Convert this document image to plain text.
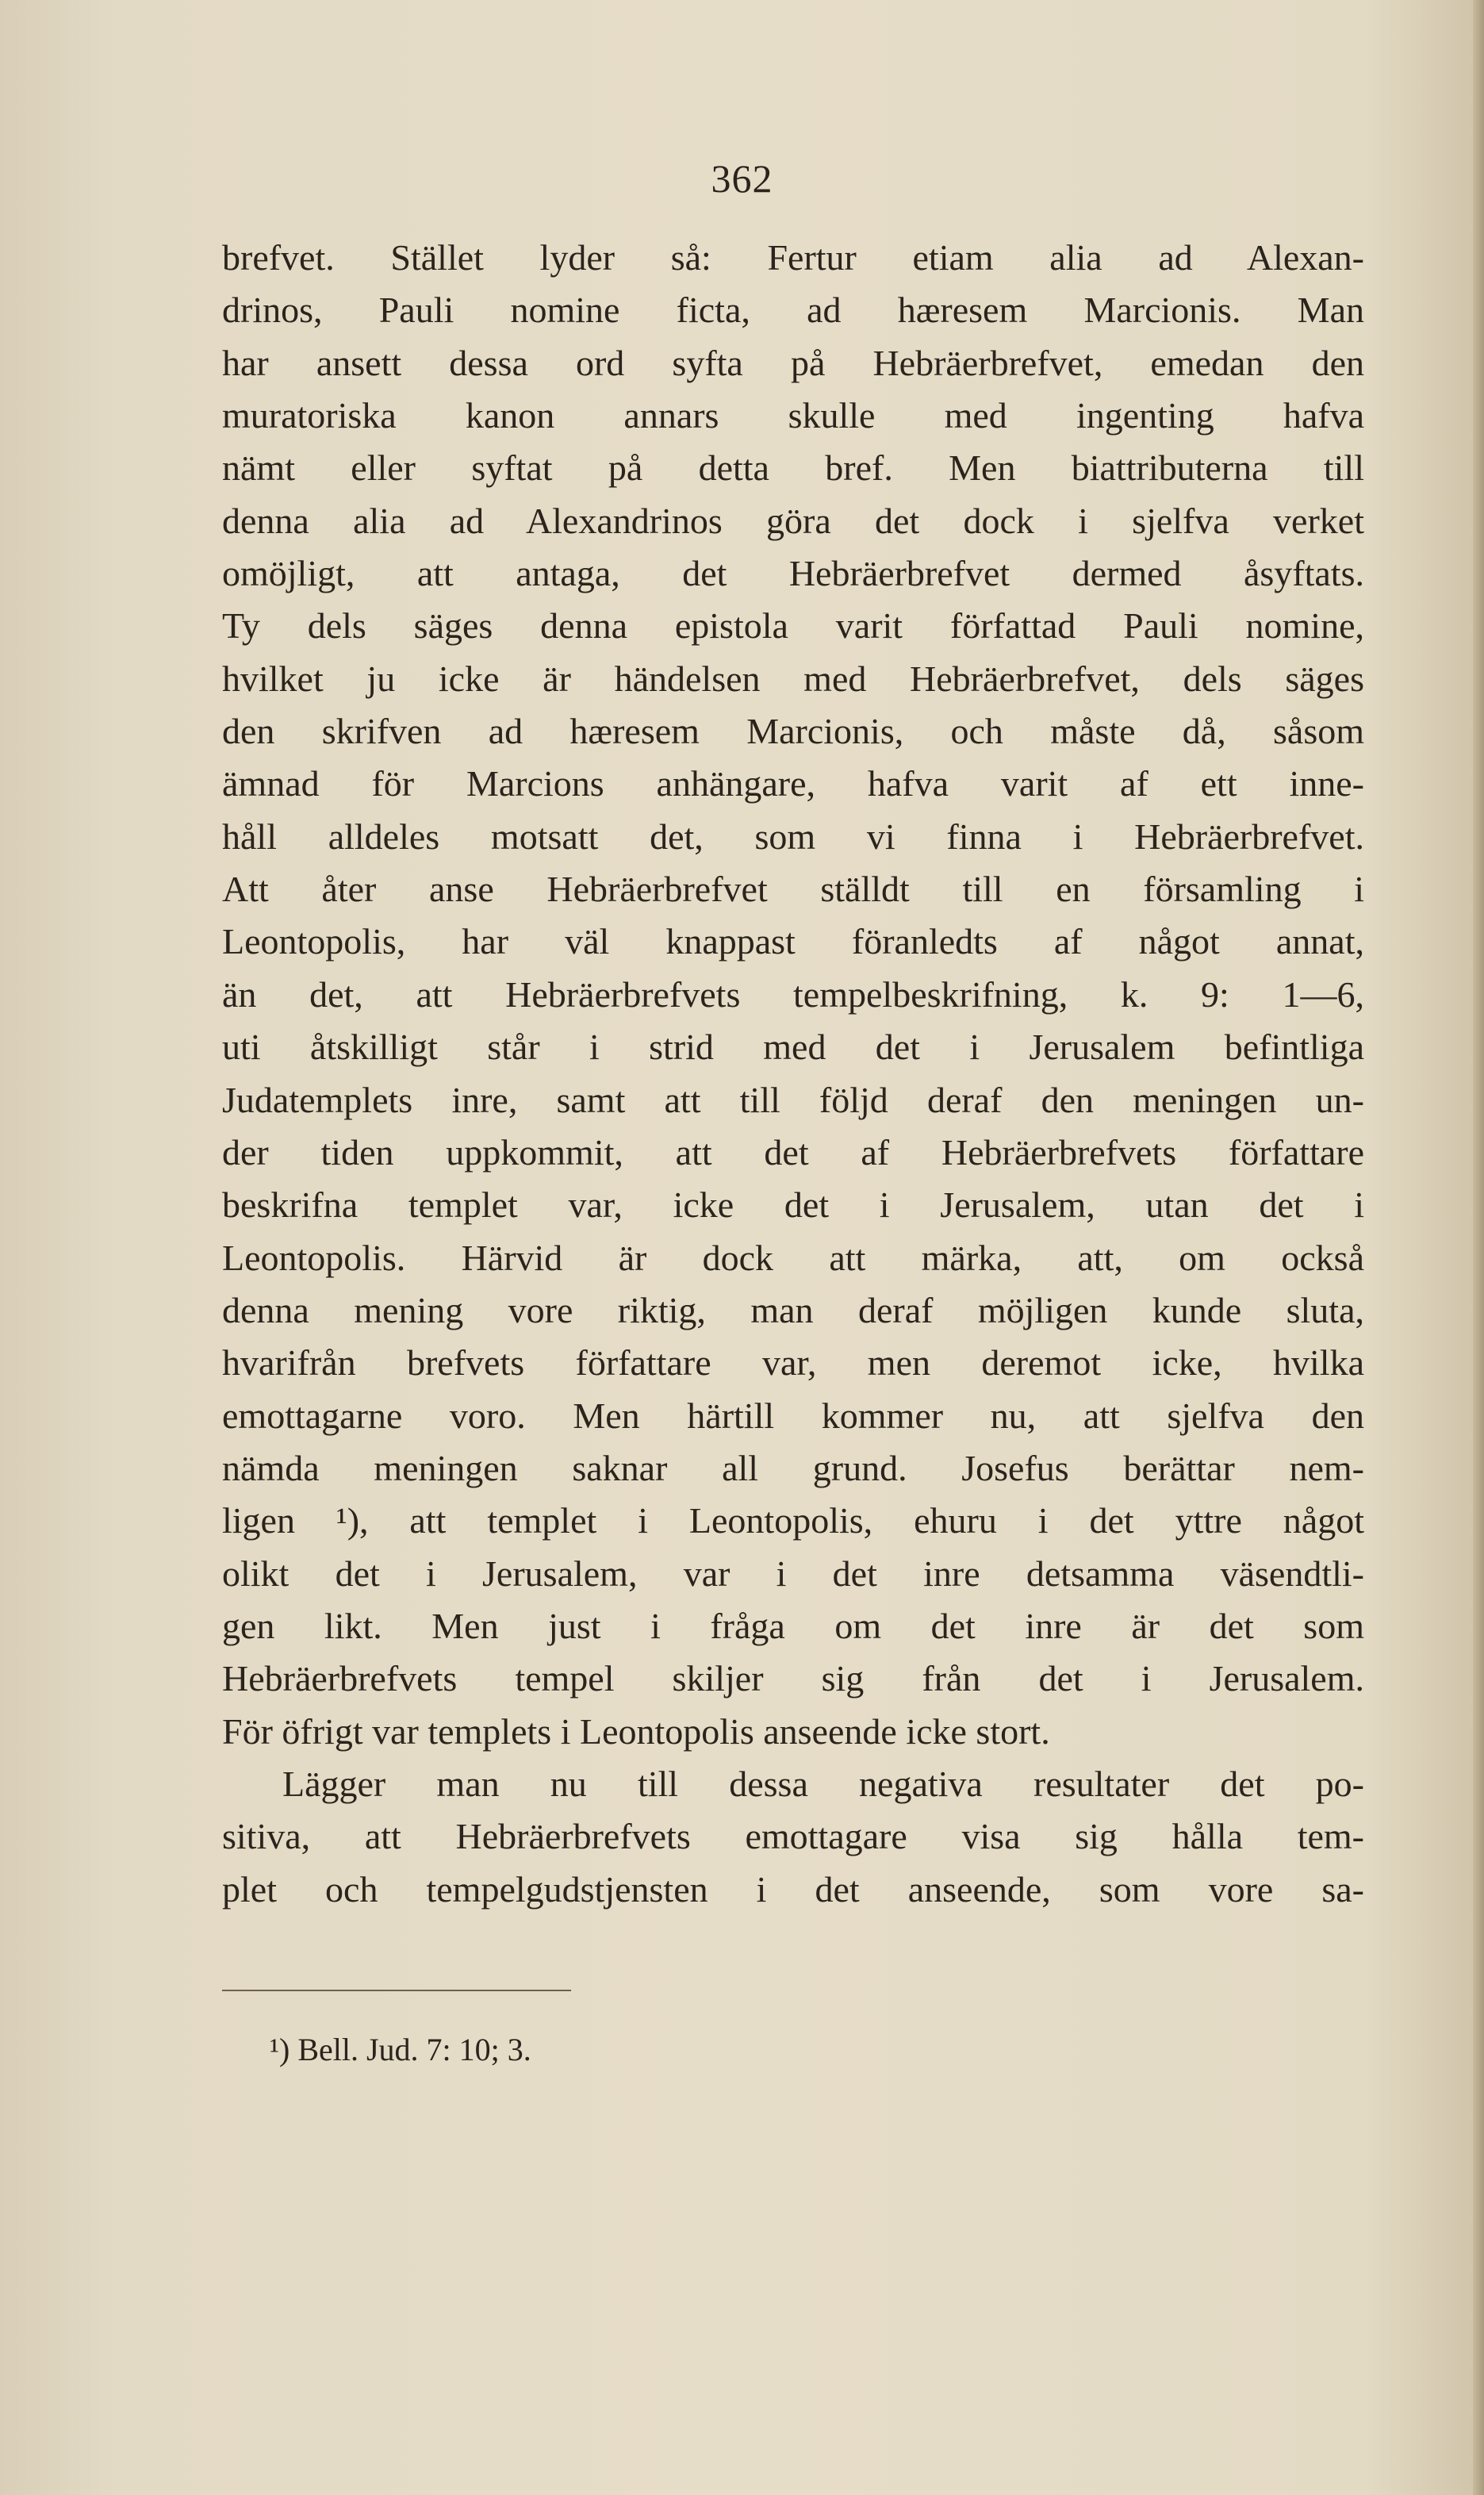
362
brefvet. Stället lyder så: Fertur etiam alia ad Alexan-
drinos, Pauli nomine ficta, ad hæresem Marcionis. Man
har ansett dessa ord syfta på Hebräerbrefvet, emedan den
muratoriska kanon annars skulle med ingenting hafva
nämt eller syftat på detta bref. Men biattributerna till
denna alia ad Alexandrinos göra det dock i sjelfva verket
omöjligt, att antaga, det Hebräerbrefvet dermed åsyftats.
Ty dels säges denna epistola varit författad Pauli nomine,
hvilket ju icke är händelsen med Hebräerbrefvet, dels säges
den skrifven ad hæresem Marcionis, och måste då, såsom
ämnad för Marcions anhängare, hafva varit af ett inne-
håll alldeles motsatt det, som vi finna i Hebräerbrefvet.
Att åter anse Hebräerbrefvet ställdt till en församling i
Leontopolis, har väl knappast föranledts af något annat,
än det, att Hebräerbrefvets tempelbeskrifning, k. 9: 1—6,
uti åtskilligt står i strid med det i Jerusalem befintliga
Judatemplets inre, samt att till följd deraf den meningen un-
der tiden uppkommit, att det af Hebräerbrefvets författare
beskrifna templet var, icke det i Jerusalem, utan det i
Leontopolis. Härvid är dock att märka, att, om också
denna mening vore riktig, man deraf möjligen kunde sluta,
hvarifrån brefvets författare var, men deremot icke, hvilka
emottagarne voro. Men härtill kommer nu, att sjelfva den
nämda meningen saknar all grund. Josefus berättar nem-
ligen ¹), att templet i Leontopolis, ehuru i det yttre något
olikt det i Jerusalem, var i det inre detsamma väsendtli-
gen likt. Men just i fråga om det inre är det som
Hebräerbrefvets tempel skiljer sig från det i Jerusalem.
För öfrigt var templets i Leontopolis anseende icke stort.
Lägger man nu till dessa negativa resultater det po-
sitiva, att Hebräerbrefvets emottagare visa sig hålla tem-
plet och tempelgudstjensten i det anseende, som vore sa-
¹) Bell. Jud. 7: 10; 3.
